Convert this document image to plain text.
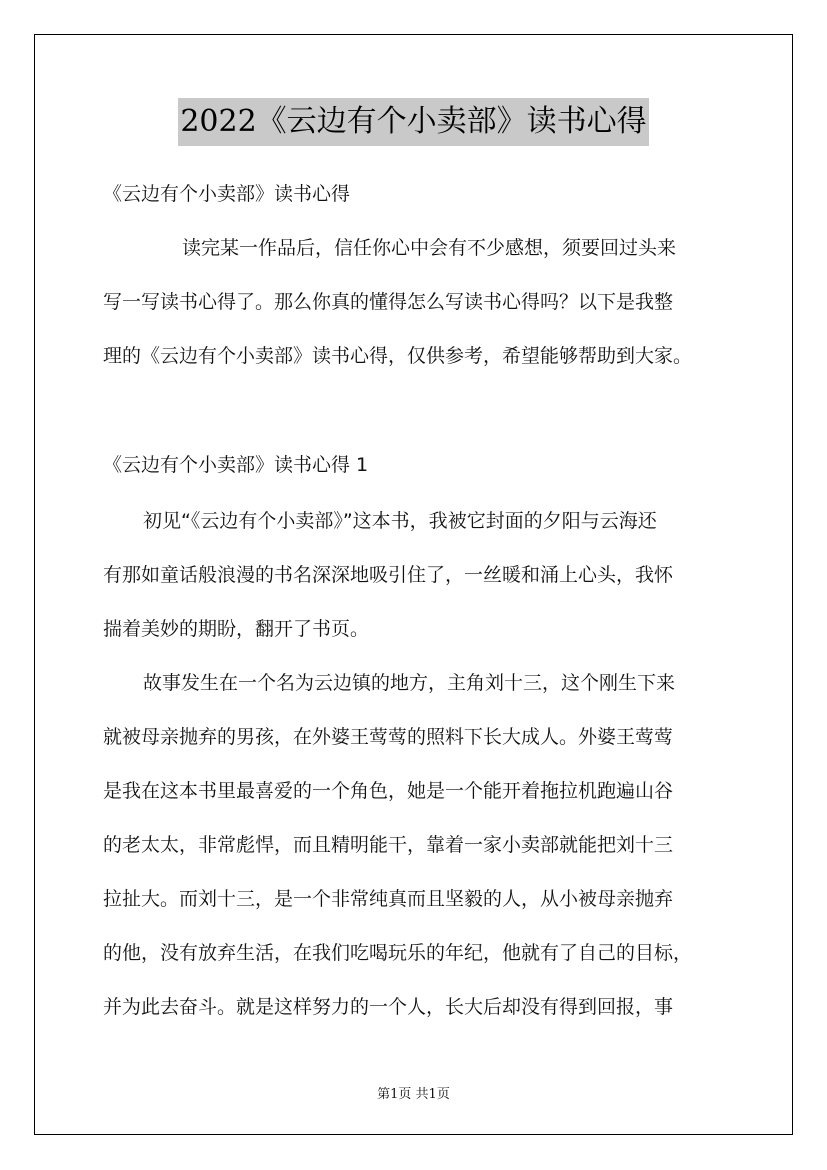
2022《云边有个小卖部》读书心得
《云边有个小卖部》读书心得
读完某一作品后，信任你心中会有不少感想，须要回过头来
写一写读书心得了。那么你真的懂得怎么写读书心得吗？以下是我整
理的《云边有个小卖部》读书心得，仅供参考，希望能够帮助到大家。
《云边有个小卖部》读书心得 1
初见“《云边有个小卖部》”这本书，我被它封面的夕阳与云海还
有那如童话般浪漫的书名深深地吸引住了，一丝暖和涌上心头，我怀
揣着美妙的期盼，翻开了书页。
故事发生在一个名为云边镇的地方，主角刘十三，这个刚生下来
就被母亲抛弃的男孩，在外婆王莺莺的照料下长大成人。外婆王莺莺
是我在这本书里最喜爱的一个角色，她是一个能开着拖拉机跑遍山谷
的老太太，非常彪悍，而且精明能干，靠着一家小卖部就能把刘十三
拉扯大。而刘十三，是一个非常纯真而且坚毅的人，从小被母亲抛弃
的他，没有放弃生活，在我们吃喝玩乐的年纪，他就有了自己的目标，
并为此去奋斗。就是这样努力的一个人，长大后却没有得到回报，事
第1页 共1页
